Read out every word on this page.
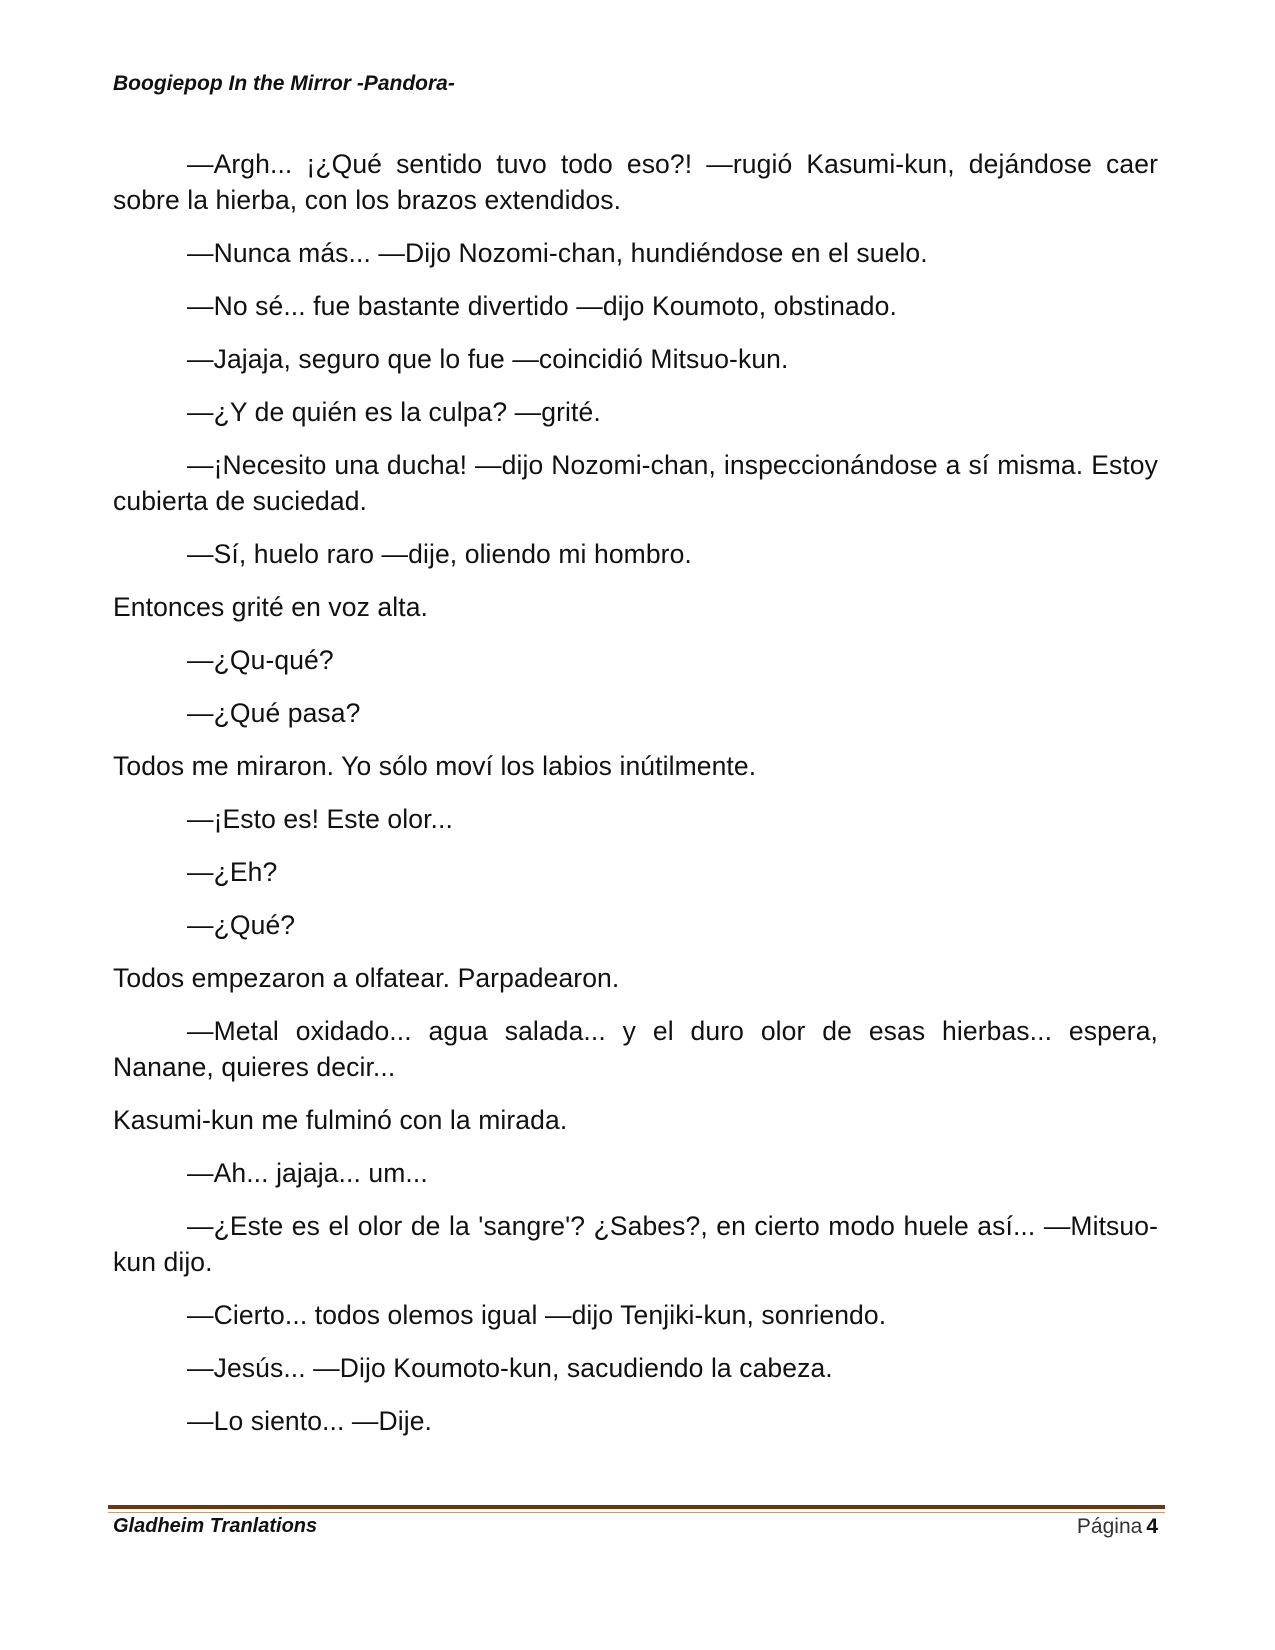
Boogiepop In the Mirror -Pandora-

—Argh... ¡¿Qué sentido tuvo todo eso?! —rugió Kasumi-kun, dejándose caer sobre la hierba, con los brazos extendidos.

—Nunca más... —Dijo Nozomi-chan, hundiéndose en el suelo.

—No sé... fue bastante divertido —dijo Koumoto, obstinado.

—Jajaja, seguro que lo fue —coincidió Mitsuo-kun.

—¿Y de quién es la culpa? —grité.

—¡Necesito una ducha! —dijo Nozomi-chan, inspeccionándose a sí misma. Estoy cubierta de suciedad.

—Sí, huelo raro —dije, oliendo mi hombro.

Entonces grité en voz alta.

—¿Qu-qué?

—¿Qué pasa?

Todos me miraron. Yo sólo moví los labios inútilmente.

—¡Esto es! Este olor...

—¿Eh?

—¿Qué?

Todos empezaron a olfatear. Parpadearon.

—Metal oxidado... agua salada... y el duro olor de esas hierbas... espera, Nanane, quieres decir...

Kasumi-kun me fulminó con la mirada.

—Ah... jajaja... um...

—¿Este es el olor de la 'sangre'? ¿Sabes?, en cierto modo huele así... —Mitsuo-kun dijo.

—Cierto... todos olemos igual —dijo Tenjiki-kun, sonriendo.

—Jesús... —Dijo Koumoto-kun, sacudiendo la cabeza.

—Lo siento... —Dije.

Gladheim Tranlations	Página 4
